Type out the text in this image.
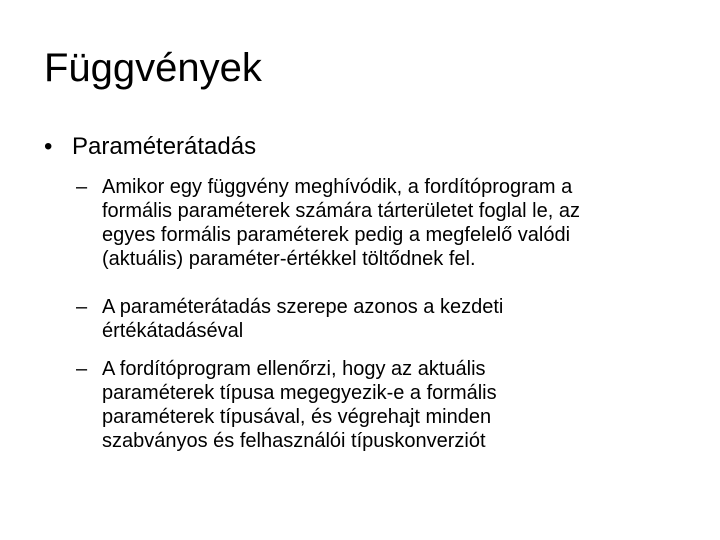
Függvények
• Paraméterátadás
– Amikor egy függvény meghívódik, a fordítóprogram a
formális paraméterek számára tárterületet foglal le, az
egyes formális paraméterek pedig a megfelelő valódi
(aktuális) paraméter-értékkel töltődnek fel.
– A paraméterátadás szerepe azonos a kezdeti
értékátadáséval
– A fordítóprogram ellenőrzi, hogy az aktuális
paraméterek típusa megegyezik-e a formális
paraméterek típusával, és végrehajt minden
szabványos és felhasználói típuskonverziót
